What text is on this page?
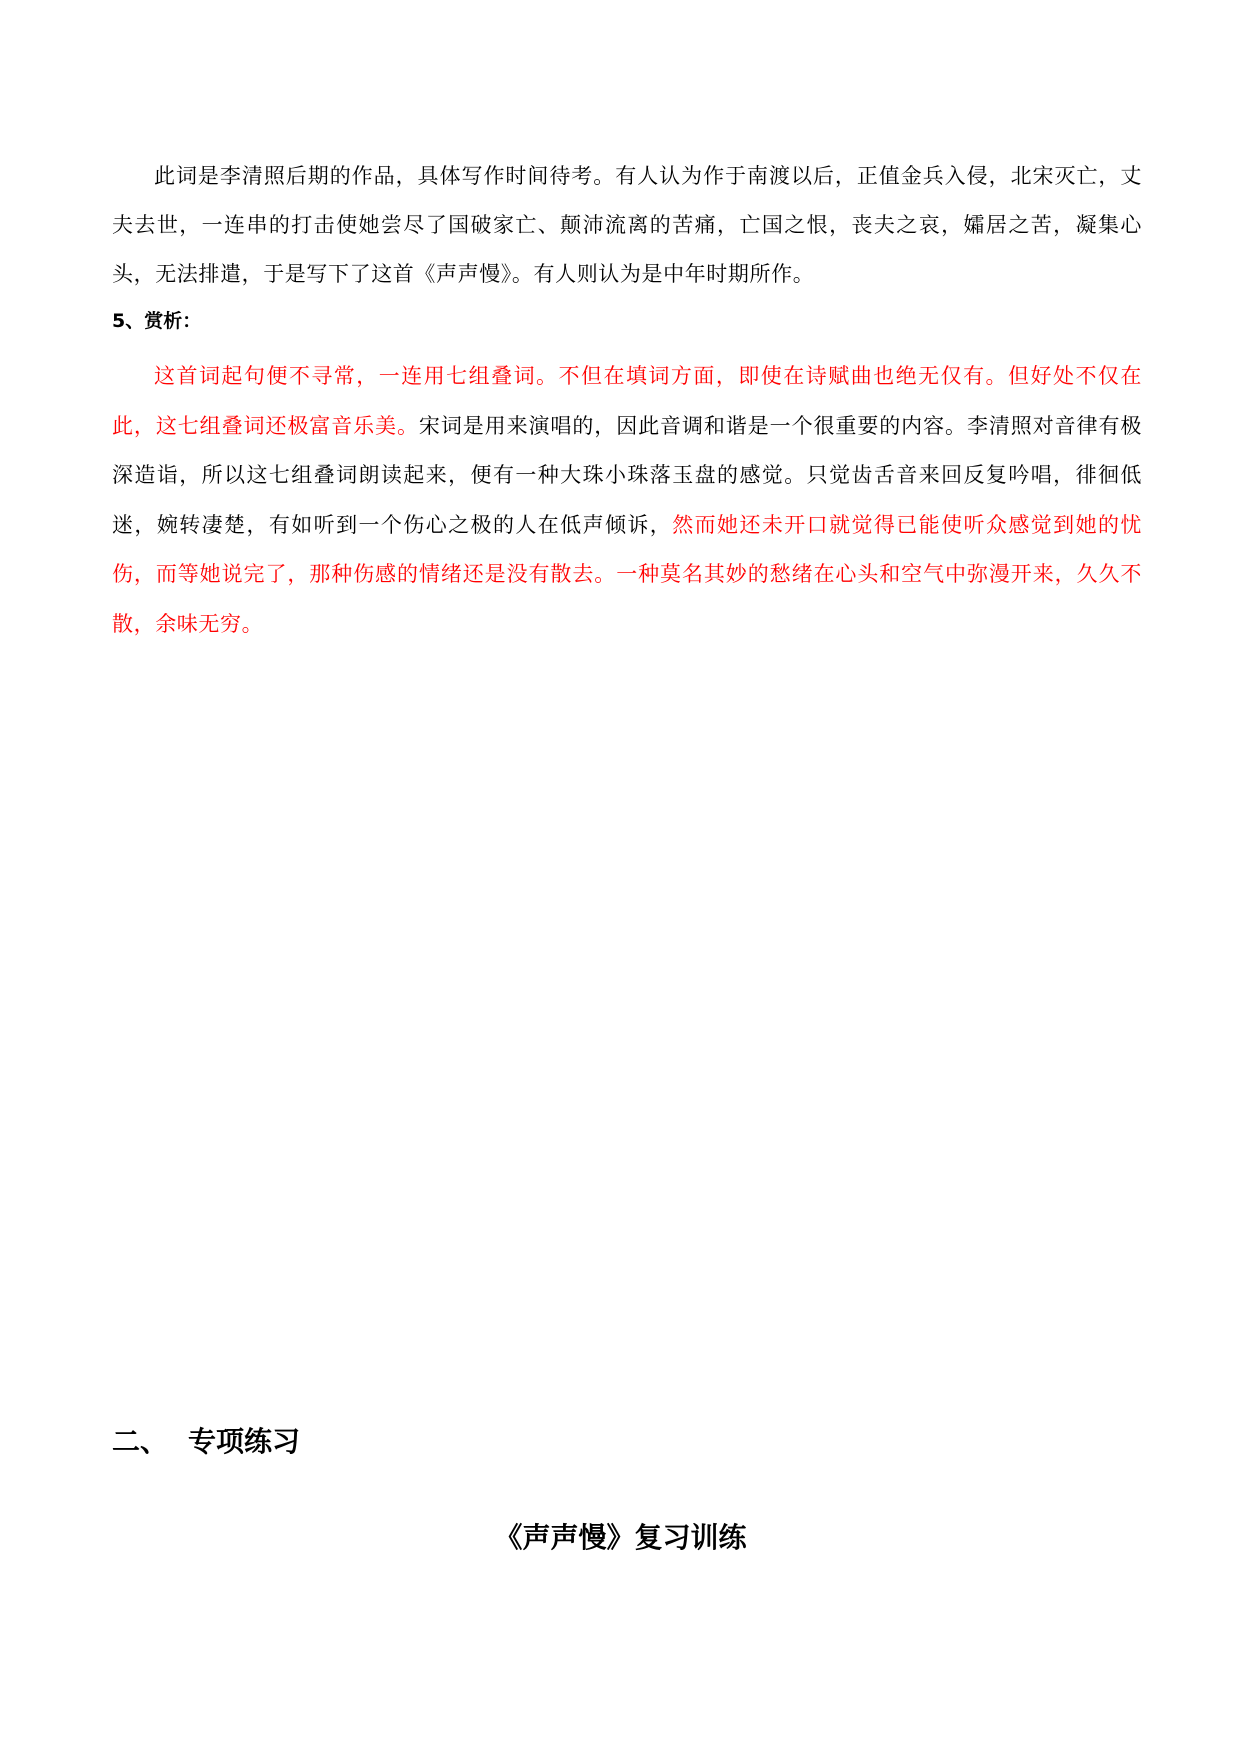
此词是李清照后期的作品，具体写作时间待考。有人认为作于南渡以后，正值金兵入侵，北宋灭亡，丈夫去世，一连串的打击使她尝尽了国破家亡、颠沛流离的苦痛，亡国之恨，丧夫之哀，孀居之苦，凝集心头，无法排遣，于是写下了这首《声声慢》。有人则认为是中年时期所作。

5、赏析：

这首词起句便不寻常，一连用七组叠词。不但在填词方面，即使在诗赋曲也绝无仅有。但好处不仅在此，这七组叠词还极富音乐美。宋词是用来演唱的，因此音调和谐是一个很重要的内容。李清照对音律有极深造诣，所以这七组叠词朗读起来，便有一种大珠小珠落玉盘的感觉。只觉齿舌音来回反复吟唱，徘徊低迷，婉转凄楚，有如听到一个伤心之极的人在低声倾诉，然而她还未开口就觉得已能使听众感觉到她的忧伤，而等她说完了，那种伤感的情绪还是没有散去。一种莫名其妙的愁绪在心头和空气中弥漫开来，久久不散，余味无穷。

二、 专项练习
《声声慢》复习训练
